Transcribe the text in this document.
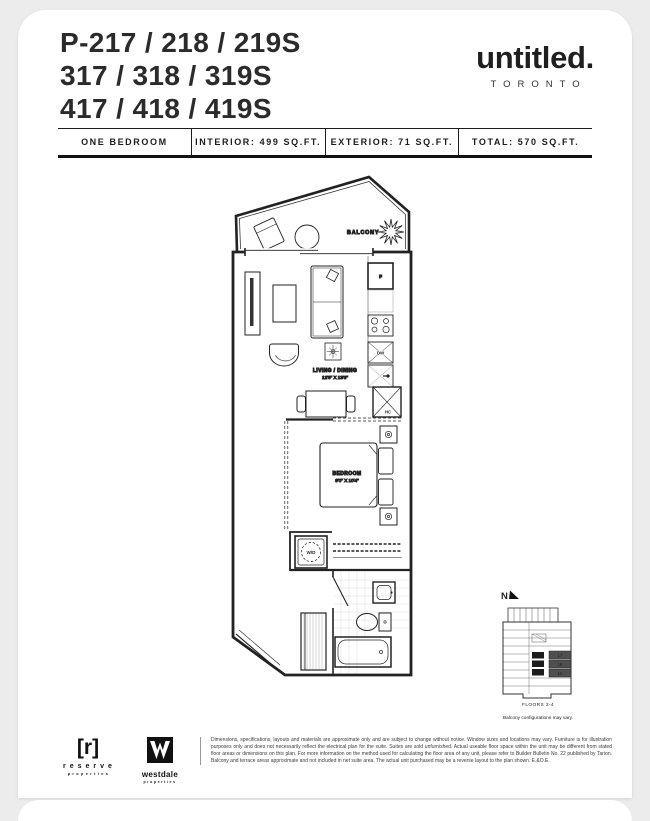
P-217 / 218 / 219S
317 / 318 / 319S
417 / 418 / 419S
untitled.
TORONTO
ONE BEDROOM	INTERIOR: 499 SQ.FT.	EXTERIOR: 71 SQ.FT.	TOTAL: 570 SQ.FT.
BALCONY
LIVING / DINING
12'6" X 13'3"
F
DW
HC
BEDROOM
9'0" X 10'4"
W/D
N
17
18
19
FLOORS 2-4
Balcony configurations may vary.
[r]
reserve
properties	westdale
properties
Dimensions, specifications, layouts and materials are approximate only and are subject to change without notice. Window sizes and locations may vary. Furniture is for illustration purposes only and does not necessarily reflect the electrical plan for the suite. Suites are sold unfurnished. Actual useable floor space within the unit may be different from stated floor areas or dimensions on this plan. For more information on the method used for calculating the floor area of any unit, please refer to Builder Bulletin No. 22 published by Tarion. Balcony and terrace areas approximate and not included in net suite area. The actual unit purchased may be a reverse layout to the plan shown. E.&O.E.
